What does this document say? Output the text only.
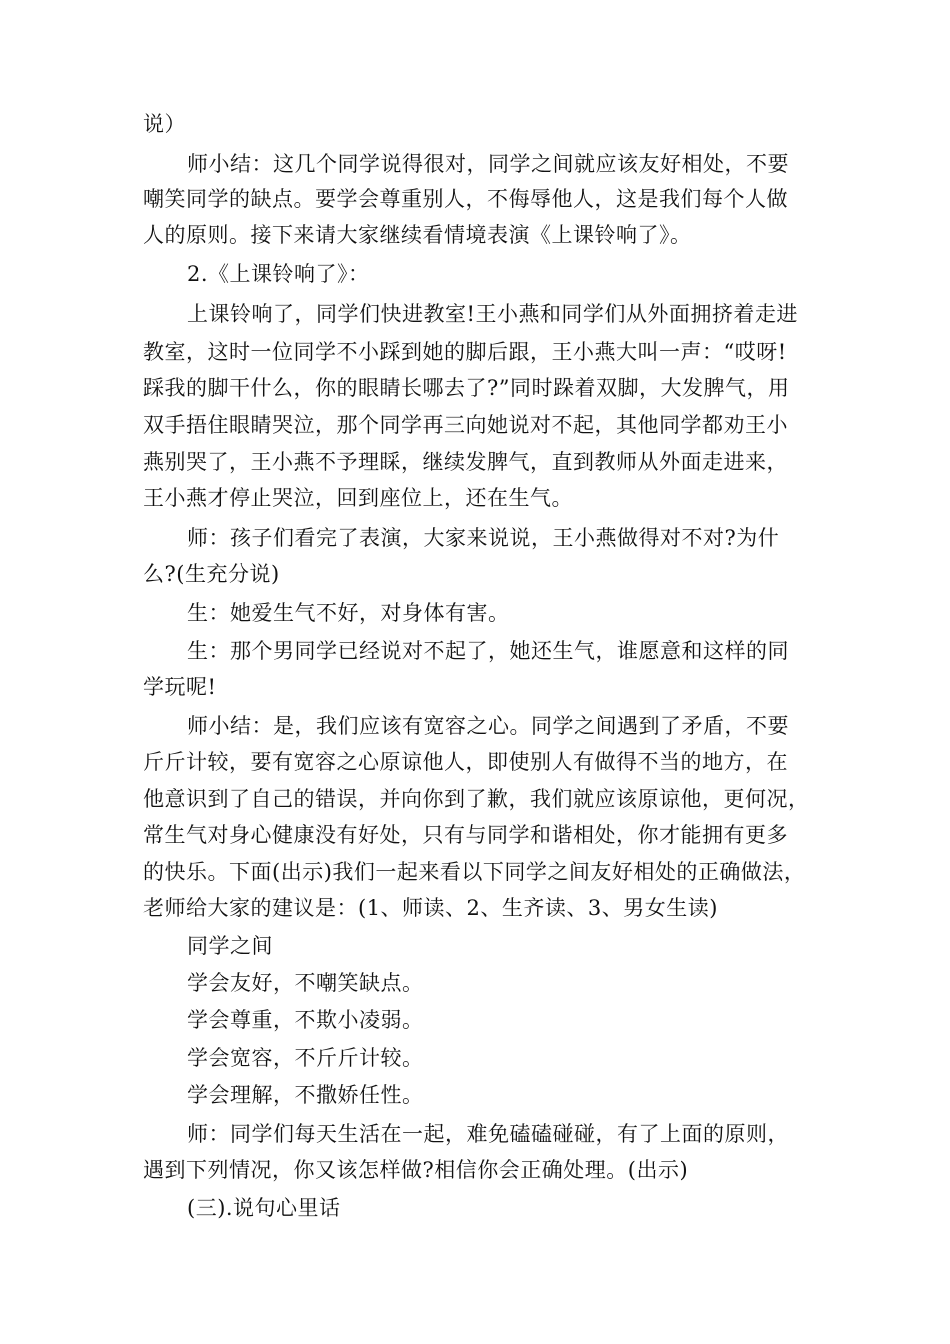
说）
师小结：这几个同学说得很对，同学之间就应该友好相处，不要
嘲笑同学的缺点。要学会尊重别人，不侮辱他人，这是我们每个人做
人的原则。接下来请大家继续看情境表演《上课铃响了》。
2.《上课铃响了》：
上课铃响了，同学们快进教室!王小燕和同学们从外面拥挤着走进
教室，这时一位同学不小踩到她的脚后跟，王小燕大叫一声：“哎呀!
踩我的脚干什么，你的眼睛长哪去了?”同时跺着双脚，大发脾气，用
双手捂住眼睛哭泣，那个同学再三向她说对不起，其他同学都劝王小
燕别哭了，王小燕不予理睬，继续发脾气，直到教师从外面走进来，
王小燕才停止哭泣，回到座位上，还在生气。
师：孩子们看完了表演，大家来说说，王小燕做得对不对?为什
么?(生充分说)
生：她爱生气不好，对身体有害。
生：那个男同学已经说对不起了，她还生气，谁愿意和这样的同
学玩呢!
师小结：是，我们应该有宽容之心。同学之间遇到了矛盾，不要
斤斤计较，要有宽容之心原谅他人，即使别人有做得不当的地方，在
他意识到了自己的错误，并向你到了歉，我们就应该原谅他，更何况，
常生气对身心健康没有好处，只有与同学和谐相处，你才能拥有更多
的快乐。下面(出示)我们一起来看以下同学之间友好相处的正确做法，
老师给大家的建议是：(1、师读、2、生齐读、3、男女生读)
同学之间
学会友好，不嘲笑缺点。
学会尊重，不欺小凌弱。
学会宽容，不斤斤计较。
学会理解，不撒娇任性。
师：同学们每天生活在一起，难免磕磕碰碰，有了上面的原则，
遇到下列情况，你又该怎样做?相信你会正确处理。(出示)
(三).说句心里话
